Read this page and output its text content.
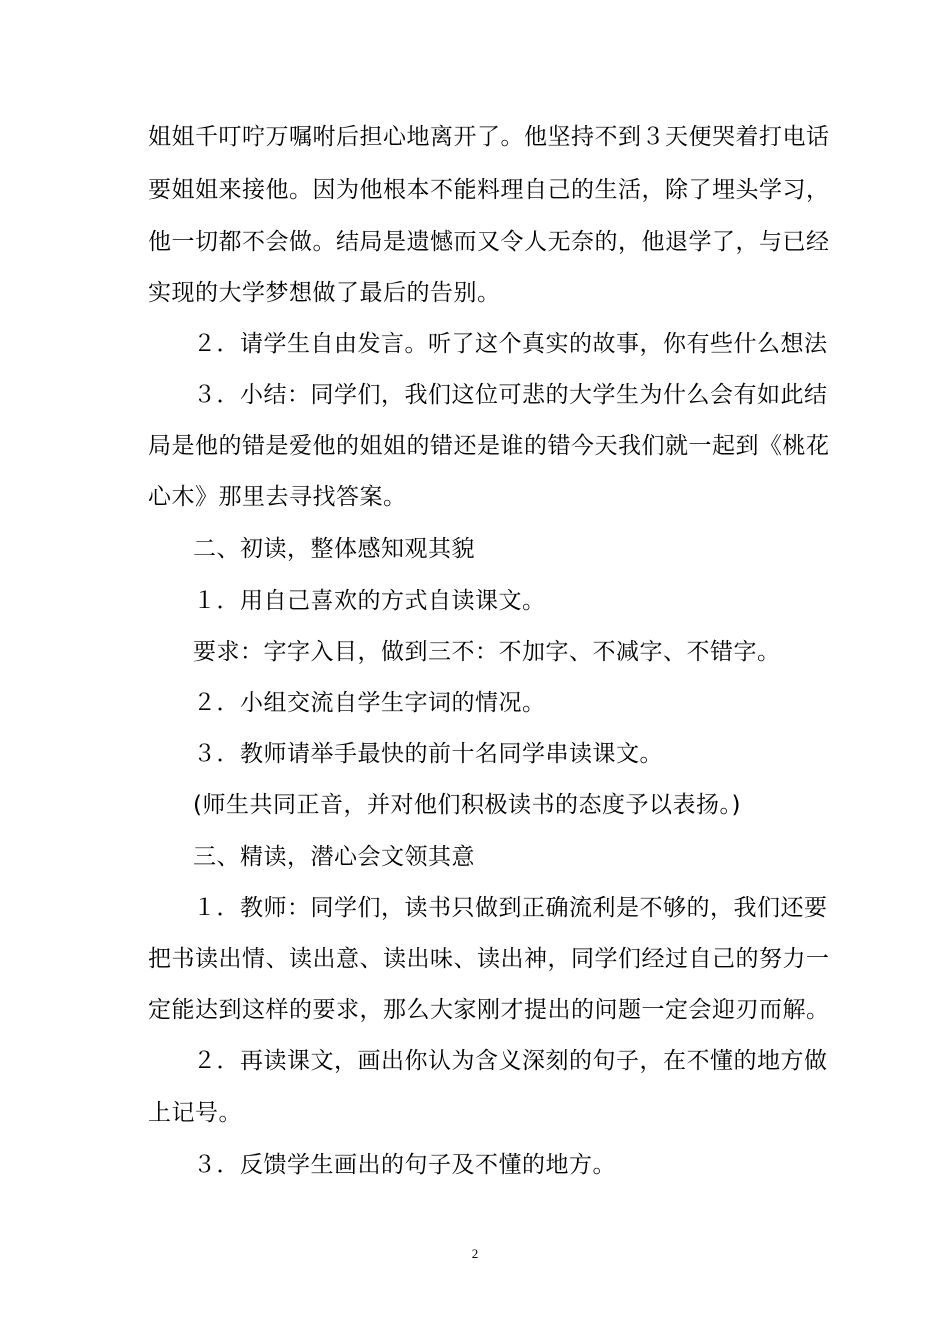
姐姐千叮咛万嘱咐后担心地离开了。他坚持不到３天便哭着打电话
要姐姐来接他。因为他根本不能料理自己的生活，除了埋头学习，
他一切都不会做。结局是遗憾而又令人无奈的，他退学了，与已经
实现的大学梦想做了最后的告别。
２．请学生自由发言。听了这个真实的故事，你有些什么想法
３．小结：同学们，我们这位可悲的大学生为什么会有如此结
局是他的错是爱他的姐姐的错还是谁的错今天我们就一起到《桃花
心木》那里去寻找答案。
二、初读，整体感知观其貌
１．用自己喜欢的方式自读课文。
要求：字字入目，做到三不：不加字、不减字、不错字。
２．小组交流自学生字词的情况。
３．教师请举手最快的前十名同学串读课文。
(师生共同正音，并对他们积极读书的态度予以表扬。)
三、精读，潜心会文领其意
１．教师：同学们，读书只做到正确流利是不够的，我们还要
把书读出情、读出意、读出味、读出神，同学们经过自己的努力一
定能达到这样的要求，那么大家刚才提出的问题一定会迎刃而解。
２．再读课文，画出你认为含义深刻的句子，在不懂的地方做
上记号。
３．反馈学生画出的句子及不懂的地方。
2
